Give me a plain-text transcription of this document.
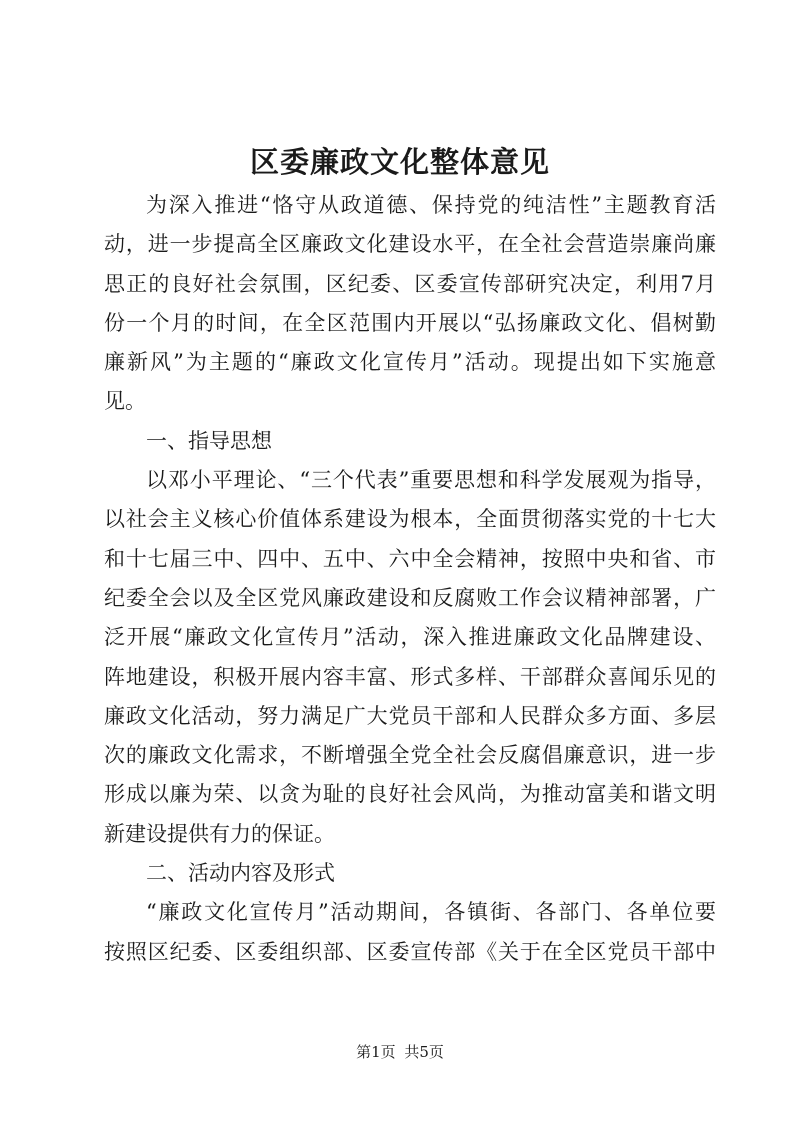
区委廉政文化整体意见
为深入推进“恪守从政道德、保持党的纯洁性”主题教育活
动，进一步提高全区廉政文化建设水平，在全社会营造崇廉尚廉
思正的良好社会氛围，区纪委、区委宣传部研究决定，利用7月
份一个月的时间，在全区范围内开展以“弘扬廉政文化、倡树勤
廉新风”为主题的“廉政文化宣传月”活动。现提出如下实施意
见。
一、指导思想
以邓小平理论、“三个代表”重要思想和科学发展观为指导，
以社会主义核心价值体系建设为根本，全面贯彻落实党的十七大
和十七届三中、四中、五中、六中全会精神，按照中央和省、市
纪委全会以及全区党风廉政建设和反腐败工作会议精神部署，广
泛开展“廉政文化宣传月”活动，深入推进廉政文化品牌建设、
阵地建设，积极开展内容丰富、形式多样、干部群众喜闻乐见的
廉政文化活动，努力满足广大党员干部和人民群众多方面、多层
次的廉政文化需求，不断增强全党全社会反腐倡廉意识，进一步
形成以廉为荣、以贪为耻的良好社会风尚，为推动富美和谐文明
新建设提供有力的保证。
二、活动内容及形式
“廉政文化宣传月”活动期间，各镇街、各部门、各单位要
按照区纪委、区委组织部、区委宣传部《关于在全区党员干部中
第1页 共5页
